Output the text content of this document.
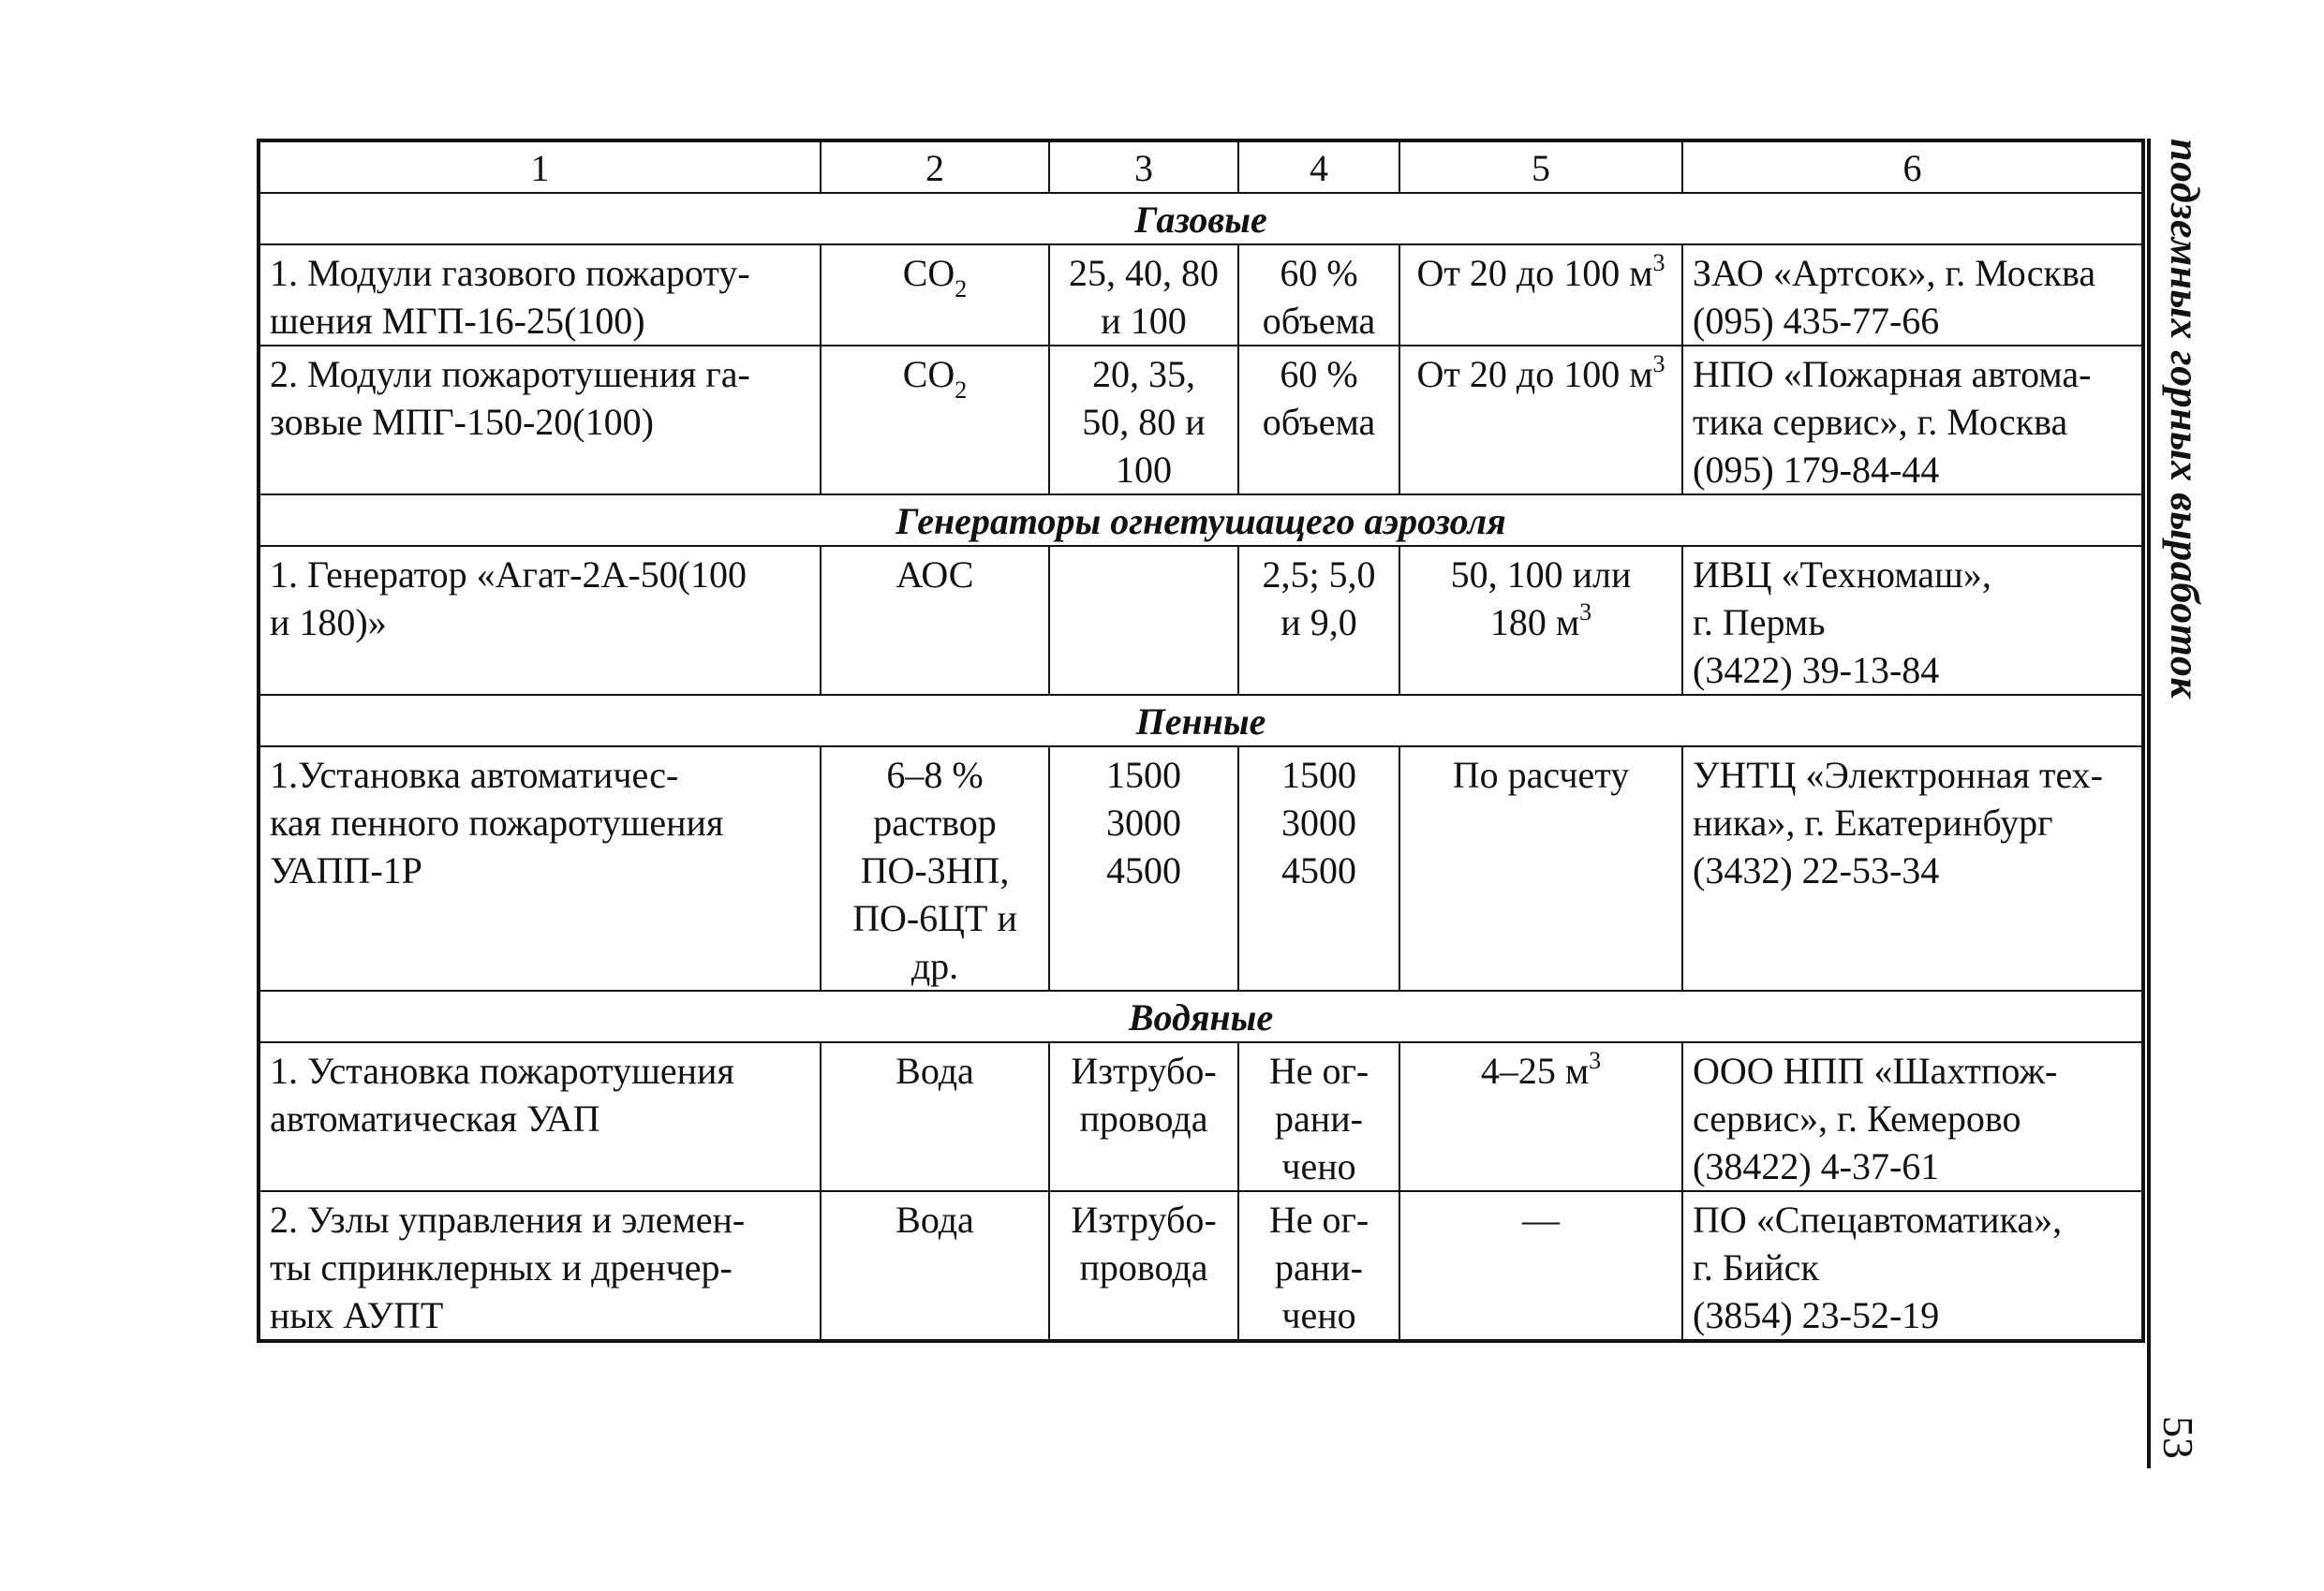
1	2	3	4	5	6
Газовые					

1. Модули газового пожароту-
шения МГП-16-25(100)	$CO_2$	25, 40, 80
и 100	60 %
объема	От 20 до 100 $м^3$	ЗАО «Артсок», г. Москва
(095) 435-77-66

2. Модули пожаротушения га-
зовые МПГ-150-20(100)	$CO_2$	20, 35,
50, 80 и
100	60 %
объема	От 20 до 100 $м^3$	НПО «Пожарная автома-
тика сервис», г. Москва
(095) 179-84-44

Генераторы огнетушащего аэрозоля					

1. Генератор «Агат-2А-50(100
и 180)»	АОС		2,5; 5,0
и 9,0	50, 100 или
180 $м^3$	ИВЦ «Техномаш»,
г. Пермь
(3422) 39-13-84

Пенные					

1.Установка автоматичес-
кая пенного пожаротушения
УАПП-1Р	6–8 %
раствор
ПО-3НП,
ПО-6ЦТ и
др.	1500
3000
4500	1500
3000
4500	По расчету	УНТЦ «Электронная тех-
ника», г. Екатеринбург
(3432) 22-53-34

Водяные					

1. Установка пожаротушения
автоматическая УАП	Вода	Изтрубо-
провода	Не ог-
рани-
чено	4–25 $м^3$	ООО НПП «Шахтпож-
сервис», г. Кемерово
(38422) 4-37-61

2. Узлы управления и элемен-
ты спринклерных и дренчер-
ных АУПТ	Вода	Изтрубо-
провода	Не ог-
рани-
чено	—	ПО «Спецавтоматика»,
г. Бийск
(3854) 23-52-19
подземных горных выработок
53
